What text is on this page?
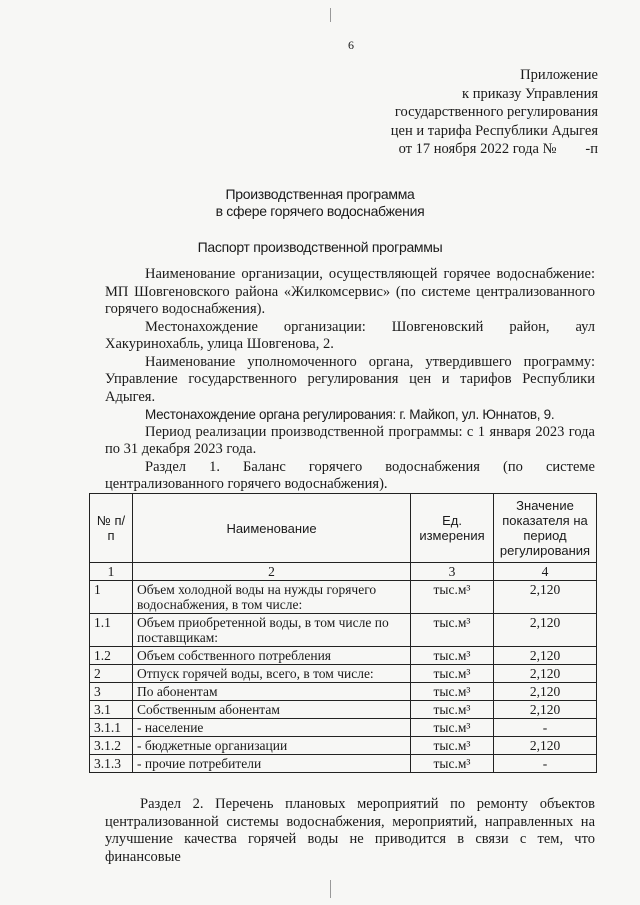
6
Приложение
к приказу Управления
государственного регулирования
цен и тарифа Республики Адыгея
от 17 ноября 2022 года №        -п
Производственная программа
в сфере горячего водоснабжения
Паспорт производственной программы

Наименование организации, осуществляющей горячее водоснабжение: МП Шовгеновского района «Жилкомсервис» (по системе централизованного горячего водоснабжения).

Местонахождение организации: Шовгеновский район, аул Хакуринохабль, улица Шовгенова, 2.

Наименование уполномоченного органа, утвердившего программу: Управление государственного регулирования цен и тарифов Республики Адыгея.

Местонахождение органа регулирования: г. Майкоп, ул. Юннатов, 9.

Период реализации производственной программы: с 1 января 2023 года по 31 декабря 2023 года.

Раздел 1. Баланс горячего водоснабжения (по системе централизованного горячего водоснабжения).

№ п/п	Наименование	Ед. измерения	Значение показателя на период регулирования
1	2	3	4
1	Объем холодной воды на нужды горячего водоснабжения, в том числе:	тыс.м³	2,120
1.1	Объем приобретенной воды, в том числе по поставщикам:	тыс.м³	2,120
1.2	Объем собственного потребления	тыс.м³	2,120
2	Отпуск горячей воды, всего, в том числе:	тыс.м³	2,120
3	По абонентам	тыс.м³	2,120
3.1	Собственным абонентам	тыс.м³	2,120
3.1.1	- население	тыс.м³	-
3.1.2	- бюджетные организации	тыс.м³	2,120
3.1.3	- прочие потребители	тыс.м³	-

Раздел 2. Перечень плановых мероприятий по ремонту объектов централизованной системы водоснабжения, мероприятий, направленных на улучшение качества горячей воды не приводится в связи с тем, что финансовые
